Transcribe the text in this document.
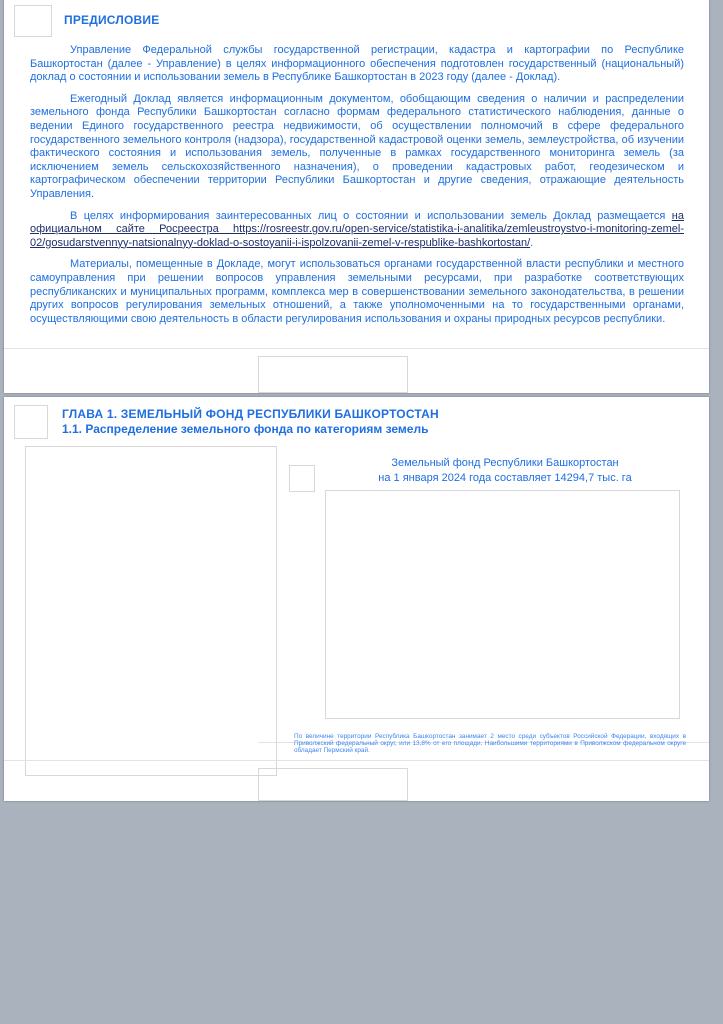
ПРЕДИСЛОВИЕ

Управление Федеральной службы государственной регистрации, кадастра и картографии по Республике Башкортостан (далее - Управление) в целях информационного обеспечения подготовлен государственный (национальный) доклад о состоянии и использовании земель в Республике Башкортостан в 2023 году (далее - Доклад).

Ежегодный Доклад является информационным документом, обобщающим сведения о наличии и распределении земельного фонда Республики Башкортостан согласно формам федерального статистического наблюдения, данные о ведении Единого государственного реестра недвижимости, об осуществлении полномочий в сфере федерального государственного земельного контроля (надзора), государственной кадастровой оценки земель, землеустройства, об изучении фактического состояния и использования земель, полученные в рамках государственного мониторинга земель (за исключением земель сельскохозяйственного назначения), о проведении кадастровых работ, геодезическом и картографическом обеспечении территории Республики Башкортостан и другие сведения, отражающие деятельность Управления.

В целях информирования заинтересованных лиц о состоянии и использовании земель Доклад размещается на официальном сайте Росреестра https://rosreestr.gov.ru/open-service/statistika-i-analitika/zemleustroystvo-i-monitoring-zemel-02/gosudarstvennyy-natsionalnyy-doklad-o-sostoyanii-i-ispolzovanii-zemel-v-respublike-bashkortostan/.

Материалы, помещенные в Докладе, могут использоваться органами государственной власти республики и местного самоуправления при решении вопросов управления земельными ресурсами, при разработке соответствующих республиканских и муниципальных программ, комплекса мер в совершенствовании земельного законодательства, в решении других вопросов регулирования земельных отношений, а также уполномоченными на то государственными органами, осуществляющими свою деятельность в области регулирования использования и охраны природных ресурсов республики.

ГЛАВА 1. ЗЕМЕЛЬНЫЙ ФОНД РЕСПУБЛИКИ БАШКОРТОСТАН
1.1. Распределение земельного фонда по категориям земель
Земельный фонд Республики Башкортостан
на 1 января 2024 года составляет 14294,7 тыс. га
По величине территории Республика Башкортостан занимает 2 место среди субъектов Российской Федерации, входящих в Приволжский федеральный округ, или 13,8% от его площади. Наибольшими территориями в Приволжском федеральном округе обладает Пермский край.
